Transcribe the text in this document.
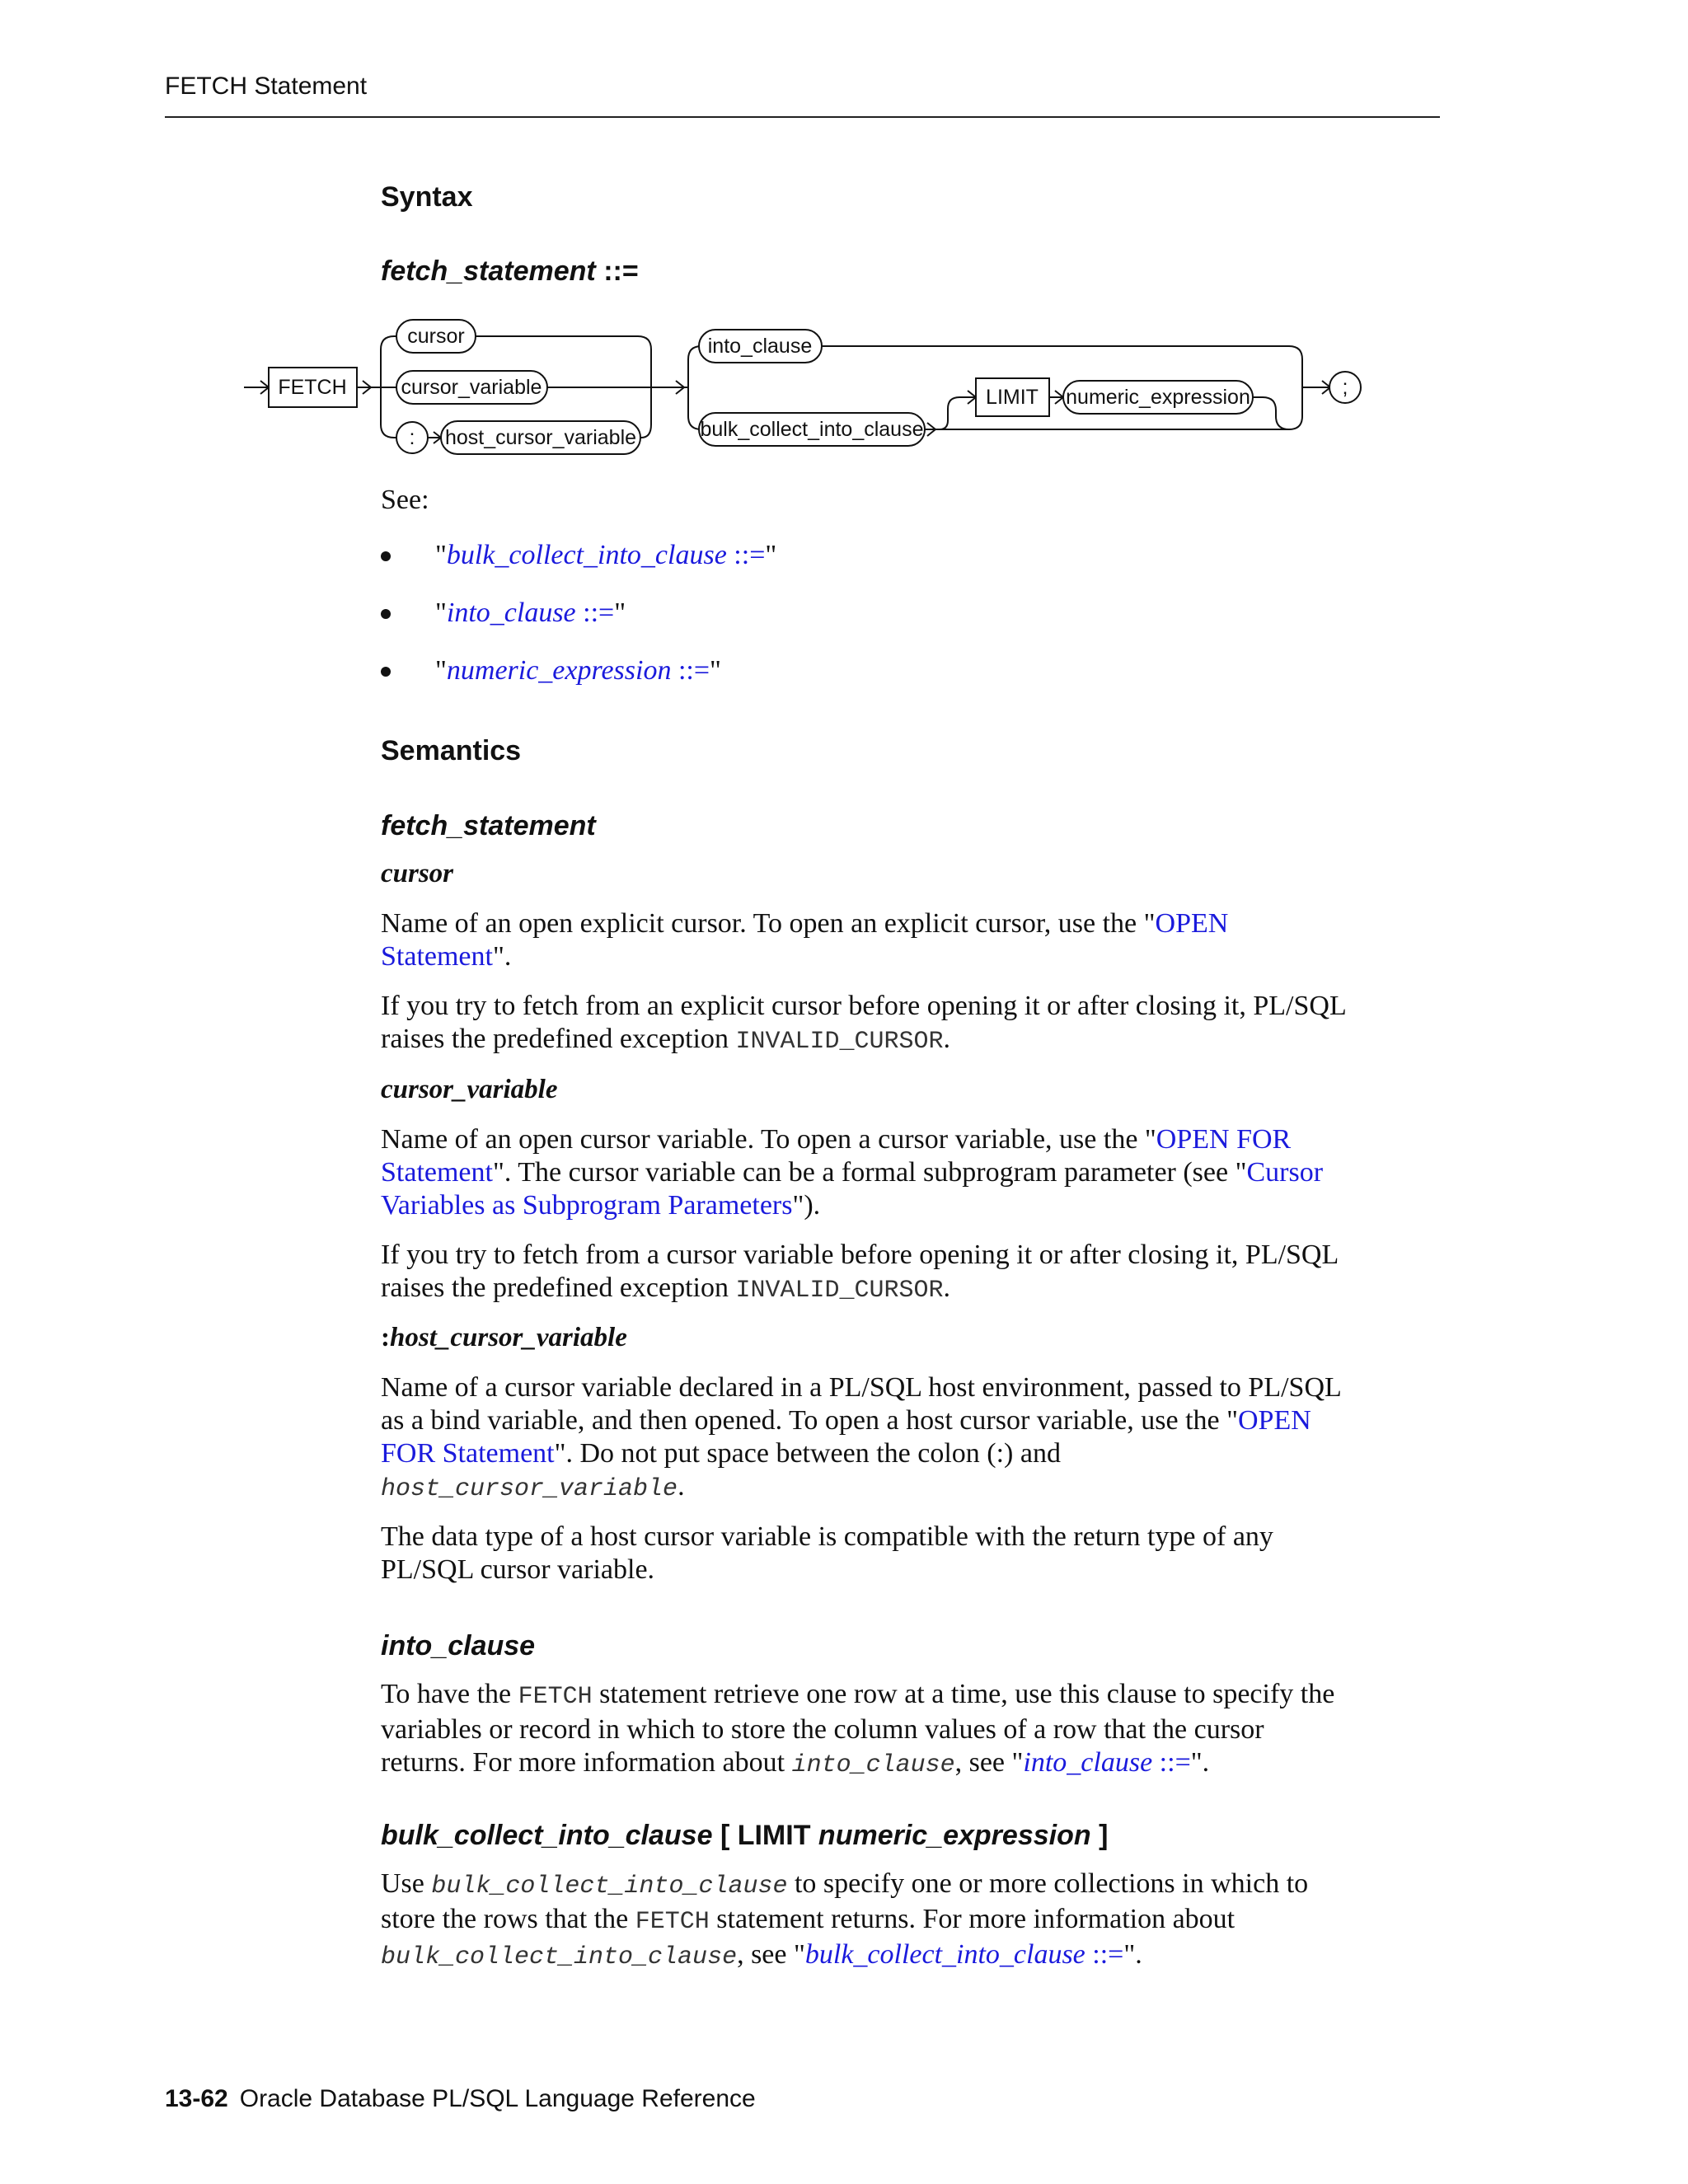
FETCH Statement
FETCH
cursor
cursor_variable
: host_cursor_variable
into_clause
bulk_collect_into_clause
LIMIT numeric_expression	;
Syntax
fetch_statement ::=
See:
"bulk_collect_into_clause ::="
"into_clause ::="
"numeric_expression ::="
Semantics
fetch_statement
cursor
Name of an open explicit cursor. To open an explicit cursor, use the "OPEN
Statement".
If you try to fetch from an explicit cursor before opening it or after closing it, PL/SQL
raises the predefined exception INVALID_CURSOR.
cursor_variable
Name of an open cursor variable. To open a cursor variable, use the "OPEN FOR
Statement". The cursor variable can be a formal subprogram parameter (see "Cursor
Variables as Subprogram Parameters").
If you try to fetch from a cursor variable before opening it or after closing it, PL/SQL
raises the predefined exception INVALID_CURSOR.
:host_cursor_variable
Name of a cursor variable declared in a PL/SQL host environment, passed to PL/SQL
as a bind variable, and then opened. To open a host cursor variable, use the "OPEN
FOR Statement". Do not put space between the colon (:) and
host_cursor_variable.
The data type of a host cursor variable is compatible with the return type of any
PL/SQL cursor variable.
into_clause
To have the FETCH statement retrieve one row at a time, use this clause to specify the
variables or record in which to store the column values of a row that the cursor
returns. For more information about into_clause, see "into_clause ::=".
bulk_collect_into_clause [ LIMIT numeric_expression ]
Use bulk_collect_into_clause to specify one or more collections in which to
store the rows that the FETCH statement returns. For more information about
bulk_collect_into_clause, see "bulk_collect_into_clause ::=".
13-62 Oracle Database PL/SQL Language Reference
